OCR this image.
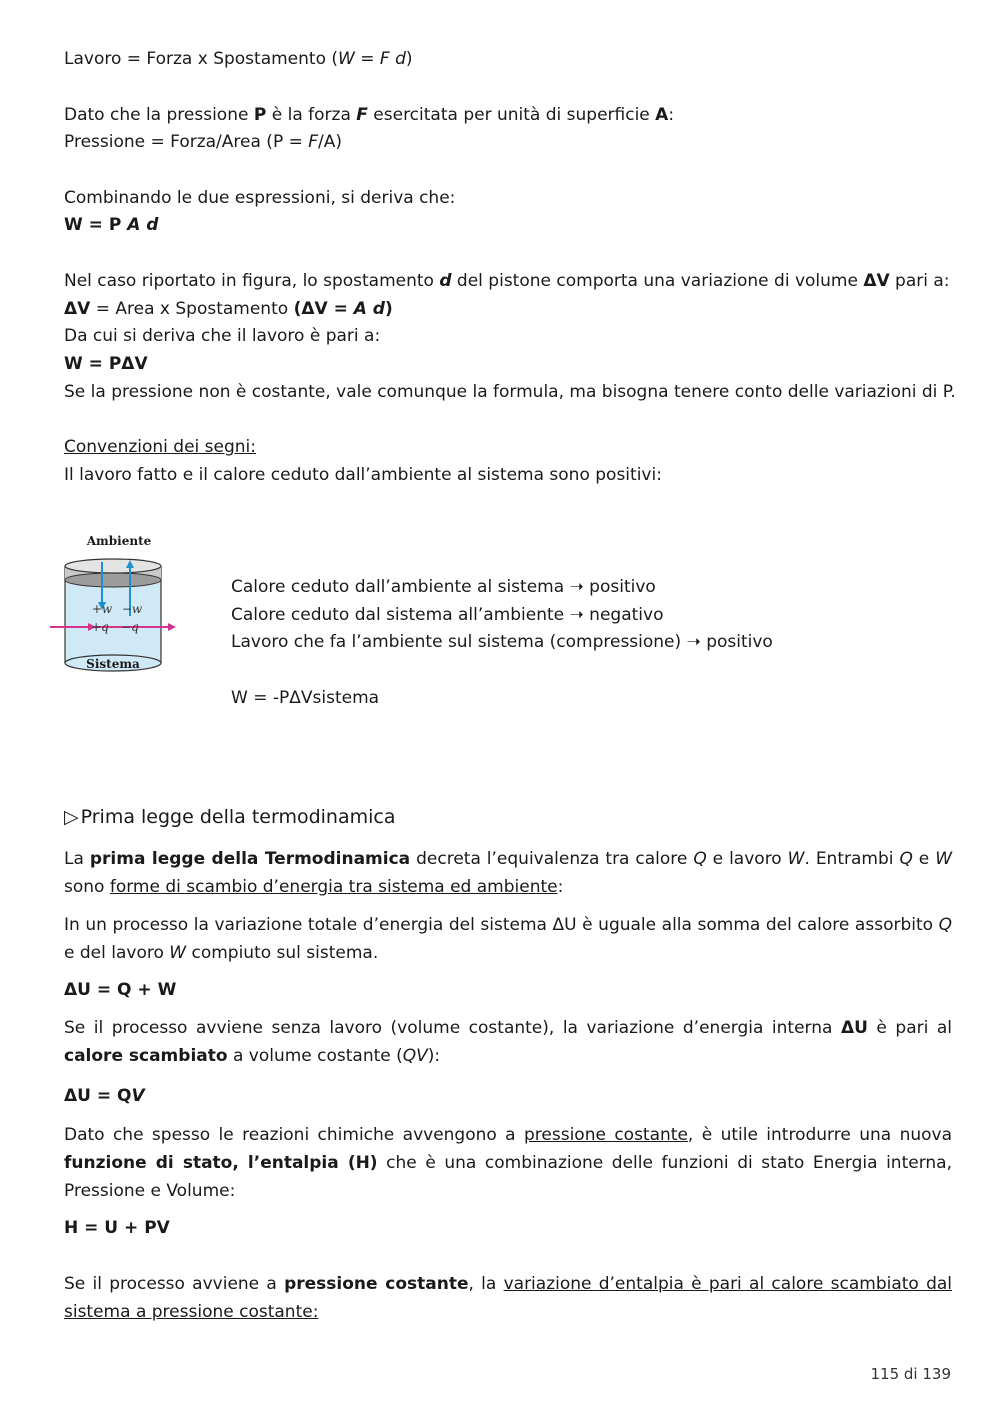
Lavoro = Forza x Spostamento (W = F d)
Dato che la pressione P è la forza F esercitata per unità di superficie A:
Pressione = Forza/Area (P = F/A)
Combinando le due espressioni, si deriva che:
W = P A d
Nel caso riportato in figura, lo spostamento d del pistone comporta una variazione di volume ΔV pari a:
ΔV = Area x Spostamento (ΔV = A d)
Da cui si deriva che il lavoro è pari a:
W = PΔV
Se la pressione non è costante, vale comunque la formula, ma bisogna tenere conto delle variazioni di P.
Convenzioni dei segni:
Il lavoro fatto e il calore ceduto dall’ambiente al sistema sono positivi:
Ambiente
+w −w
+q −q
Sistema
Calore ceduto dall’ambiente al sistema ➝ positivo
Calore ceduto dal sistema all’ambiente ➝ negativo
Lavoro che fa l’ambiente sul sistema (compressione) ➝ positivo
W = -PΔVsistema
▷ Prima legge della termodinamica
La prima legge della Termodinamica decreta l’equivalenza tra calore Q e lavoro W. Entrambi Q e W sono forme di scambio d’energia tra sistema ed ambiente:
In un processo la variazione totale d’energia del sistema ΔU è uguale alla somma del calore assorbito Q e del lavoro W compiuto sul sistema.
ΔU = Q + W
Se il processo avviene senza lavoro (volume costante), la variazione d’energia interna ΔU è pari al calore scambiato a volume costante (QV):
ΔU = QV
Dato che spesso le reazioni chimiche avvengono a pressione costante, è utile introdurre una nuova funzione di stato, l’entalpia (H) che è una combinazione delle funzioni di stato Energia interna, Pressione e Volume:
H = U + PV
Se il processo avviene a pressione costante, la variazione d’entalpia è pari al calore scambiato dal sistema a pressione costante:
115 di 139
